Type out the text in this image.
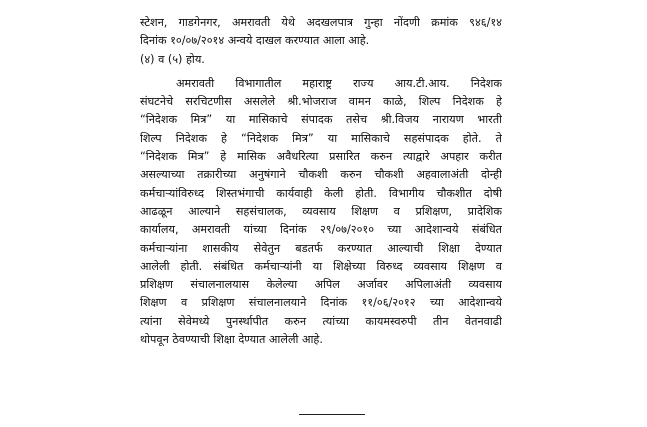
स्टेशन, गाडगेनगर, अमरावती येथे अदखलपात्र गुन्हा नोंदणी क्रमांक ९४६/१४
दिनांक १०/०७/२०१४ अन्वये दाखल करण्यात आला आहे.
(४) व (५) होय.
अमरावती विभागातील महाराष्ट्र राज्य आय.टी.आय. निदेशक
संघटनेचे सरचिटणीस असलेले श्री.भोजराज वामन काळे, शिल्प निदेशक हे
“निदेशक मित्र” या मासिकाचे संपादक तसेच श्री.विजय नारायण भारती
शिल्प निदेशक हे “निदेशक मित्र” या मासिकाचे सहसंपादक होते. ते
“निदेशक मित्र” हे मासिक अवैधरित्या प्रसारित करुन त्याद्वारे अपहार करीत
असल्याच्या तक्रारीच्या अनुषंगाने चौकशी करुन चौकशी अहवालाअंती दोन्ही
कर्मचाऱ्यांविरुध्द शिस्तभंगाची कार्यवाही केली होती. विभागीय चौकशीत दोषी
आढळून आल्याने सहसंचालक, व्यवसाय शिक्षण व प्रशिक्षण, प्रादेशिक
कार्यालय, अमरावती यांच्या दिनांक २९/०७/२०१० च्या आदेशान्वये संबंधित
कर्मचाऱ्यांना शासकीय सेवेतुन बडतर्फ करण्यात आल्याची शिक्षा देण्यात
आलेली होती. संबंधित कर्मचाऱ्यांनी या शिक्षेच्या विरुध्द व्यवसाय शिक्षण व
प्रशिक्षण संचालनालयास केलेल्या अपिल अर्जावर अपिलाअंती व्यवसाय
शिक्षण व प्रशिक्षण संचालनालयाने दिनांक ११/०६/२०१२ च्या आदेशान्वये
त्यांना सेवेमध्ये पुनर्स्थापीत करुन त्यांच्या कायमस्वरुपी तीन वेतनवाढी
थोपवून ठेवण्याची शिक्षा देण्यात आलेली आहे.
